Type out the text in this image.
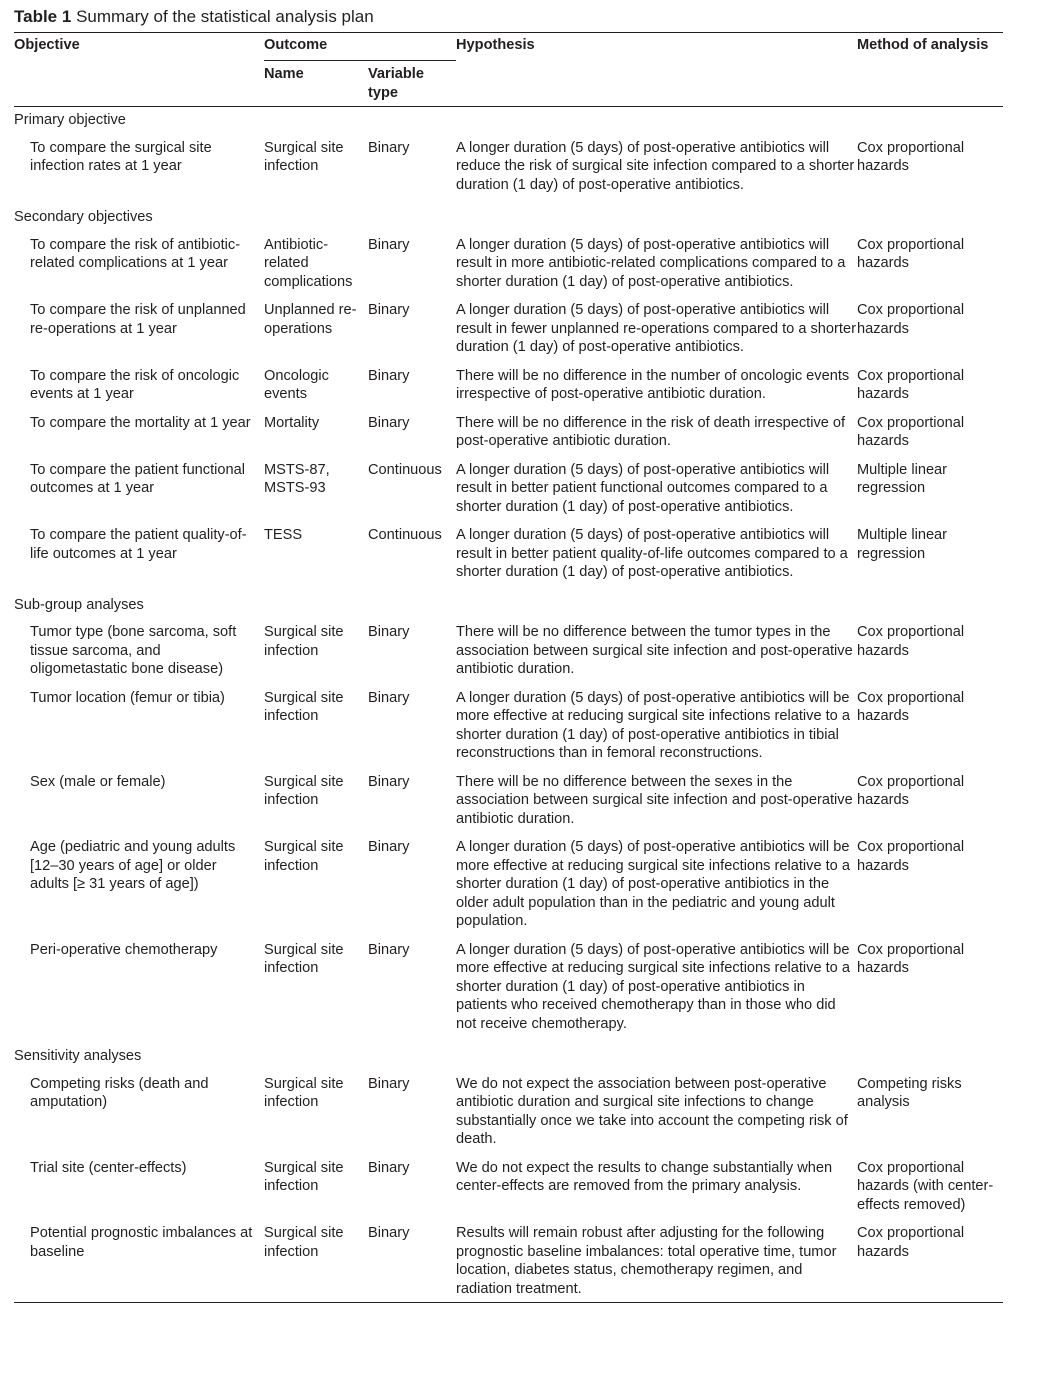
Table 1 Summary of the statistical analysis plan
Objective	Outcome		Hypothesis	Method of analysis
	Name	Variable type		
Primary objective				
To compare the surgical site infection rates at 1 year	Surgical site infection	Binary	A longer duration (5 days) of post-operative antibiotics will reduce the risk of surgical site infection compared to a shorter duration (1 day) of post-operative antibiotics.	Cox proportional hazards
Secondary objectives				
To compare the risk of antibiotic-related complications at 1 year	Antibiotic-related complications	Binary	A longer duration (5 days) of post-operative antibiotics will result in more antibiotic-related complications compared to a shorter duration (1 day) of post-operative antibiotics.	Cox proportional hazards
To compare the risk of unplanned re-operations at 1 year	Unplanned re-operations	Binary	A longer duration (5 days) of post-operative antibiotics will result in fewer unplanned re-operations compared to a shorter duration (1 day) of post-operative antibiotics.	Cox proportional hazards
To compare the risk of oncologic events at 1 year	Oncologic events	Binary	There will be no difference in the number of oncologic events irrespective of post-operative antibiotic duration.	Cox proportional hazards
To compare the mortality at 1 year	Mortality	Binary	There will be no difference in the risk of death irrespective of post-operative antibiotic duration.	Cox proportional hazards
To compare the patient functional outcomes at 1 year	MSTS-87, MSTS-93	Continuous	A longer duration (5 days) of post-operative antibiotics will result in better patient functional outcomes compared to a shorter duration (1 day) of post-operative antibiotics.	Multiple linear regression
To compare the patient quality-of-life outcomes at 1 year	TESS	Continuous	A longer duration (5 days) of post-operative antibiotics will result in better patient quality-of-life outcomes compared to a shorter duration (1 day) of post-operative antibiotics.	Multiple linear regression
Sub-group analyses				
Tumor type (bone sarcoma, soft tissue sarcoma, and oligometastatic bone disease)	Surgical site infection	Binary	There will be no difference between the tumor types in the association between surgical site infection and post-operative antibiotic duration.	Cox proportional hazards
Tumor location (femur or tibia)	Surgical site infection	Binary	A longer duration (5 days) of post-operative antibiotics will be more effective at reducing surgical site infections relative to a shorter duration (1 day) of post-operative antibiotics in tibial reconstructions than in femoral reconstructions.	Cox proportional hazards
Sex (male or female)	Surgical site infection	Binary	There will be no difference between the sexes in the association between surgical site infection and post-operative antibiotic duration.	Cox proportional hazards
Age (pediatric and young adults [12–30 years of age] or older adults [≥ 31 years of age])	Surgical site infection	Binary	A longer duration (5 days) of post-operative antibiotics will be more effective at reducing surgical site infections relative to a shorter duration (1 day) of post-operative antibiotics in the older adult population than in the pediatric and young adult population.	Cox proportional hazards
Peri-operative chemotherapy	Surgical site infection	Binary	A longer duration (5 days) of post-operative antibiotics will be more effective at reducing surgical site infections relative to a shorter duration (1 day) of post-operative antibiotics in patients who received chemotherapy than in those who did not receive chemotherapy.	Cox proportional hazards
Sensitivity analyses				
Competing risks (death and amputation)	Surgical site infection	Binary	We do not expect the association between post-operative antibiotic duration and surgical site infections to change substantially once we take into account the competing risk of death.	Competing risks analysis
Trial site (center-effects)	Surgical site infection	Binary	We do not expect the results to change substantially when center-effects are removed from the primary analysis.	Cox proportional hazards (with center-effects removed)
Potential prognostic imbalances at baseline	Surgical site infection	Binary	Results will remain robust after adjusting for the following prognostic baseline imbalances: total operative time, tumor location, diabetes status, chemotherapy regimen, and radiation treatment.	Cox proportional hazards
